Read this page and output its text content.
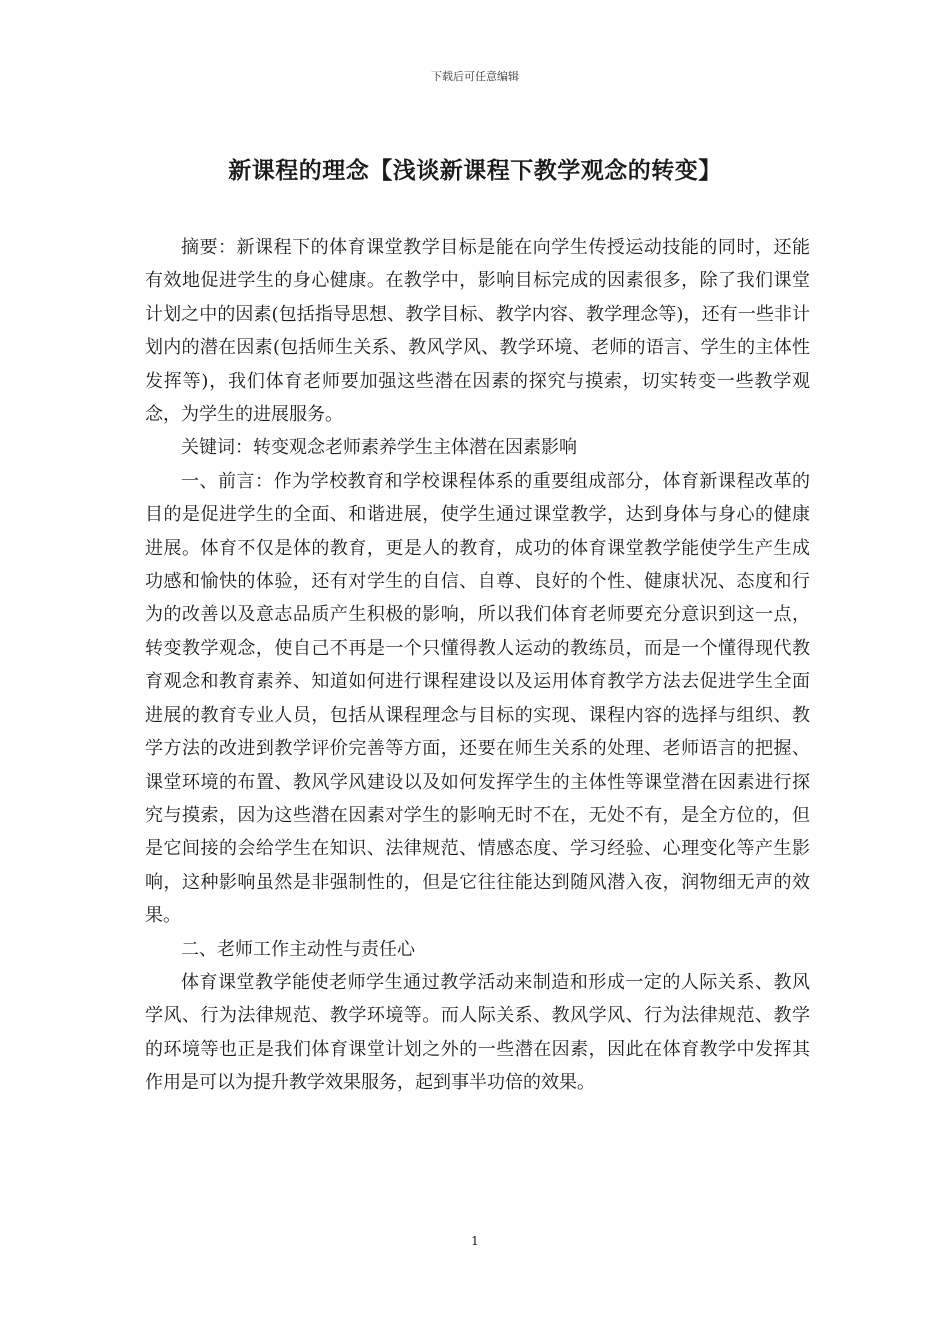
下载后可任意编辑
新课程的理念【浅谈新课程下教学观念的转变】

摘要：新课程下的体育课堂教学目标是能在向学生传授运动技能的同时，还能有效地促进学生的身心健康。在教学中，影响目标完成的因素很多，除了我们课堂计划之中的因素(包括指导思想、教学目标、教学内容、教学理念等)，还有一些非计划内的潜在因素(包括师生关系、教风学风、教学环境、老师的语言、学生的主体性发挥等)，我们体育老师要加强这些潜在因素的探究与摸索，切实转变一些教学观念，为学生的进展服务。

关键词：转变观念老师素养学生主体潜在因素影响

一、前言：作为学校教育和学校课程体系的重要组成部分，体育新课程改革的目的是促进学生的全面、和谐进展，使学生通过课堂教学，达到身体与身心的健康进展。体育不仅是体的教育，更是人的教育，成功的体育课堂教学能使学生产生成功感和愉快的体验，还有对学生的自信、自尊、良好的个性、健康状况、态度和行为的改善以及意志品质产生积极的影响，所以我们体育老师要充分意识到这一点，转变教学观念，使自己不再是一个只懂得教人运动的教练员，而是一个懂得现代教育观念和教育素养、知道如何进行课程建设以及运用体育教学方法去促进学生全面进展的教育专业人员，包括从课程理念与目标的实现、课程内容的选择与组织、教学方法的改进到教学评价完善等方面，还要在师生关系的处理、老师语言的把握、课堂环境的布置、教风学风建设以及如何发挥学生的主体性等课堂潜在因素进行探究与摸索，因为这些潜在因素对学生的影响无时不在，无处不有，是全方位的，但是它间接的会给学生在知识、法律规范、情感态度、学习经验、心理变化等产生影响，这种影响虽然是非强制性的，但是它往往能达到随风潜入夜，润物细无声的效果。

二、老师工作主动性与责任心

体育课堂教学能使老师学生通过教学活动来制造和形成一定的人际关系、教风学风、行为法律规范、教学环境等。而人际关系、教风学风、行为法律规范、教学的环境等也正是我们体育课堂计划之外的一些潜在因素，因此在体育教学中发挥其作用是可以为提升教学效果服务，起到事半功倍的效果。

1
